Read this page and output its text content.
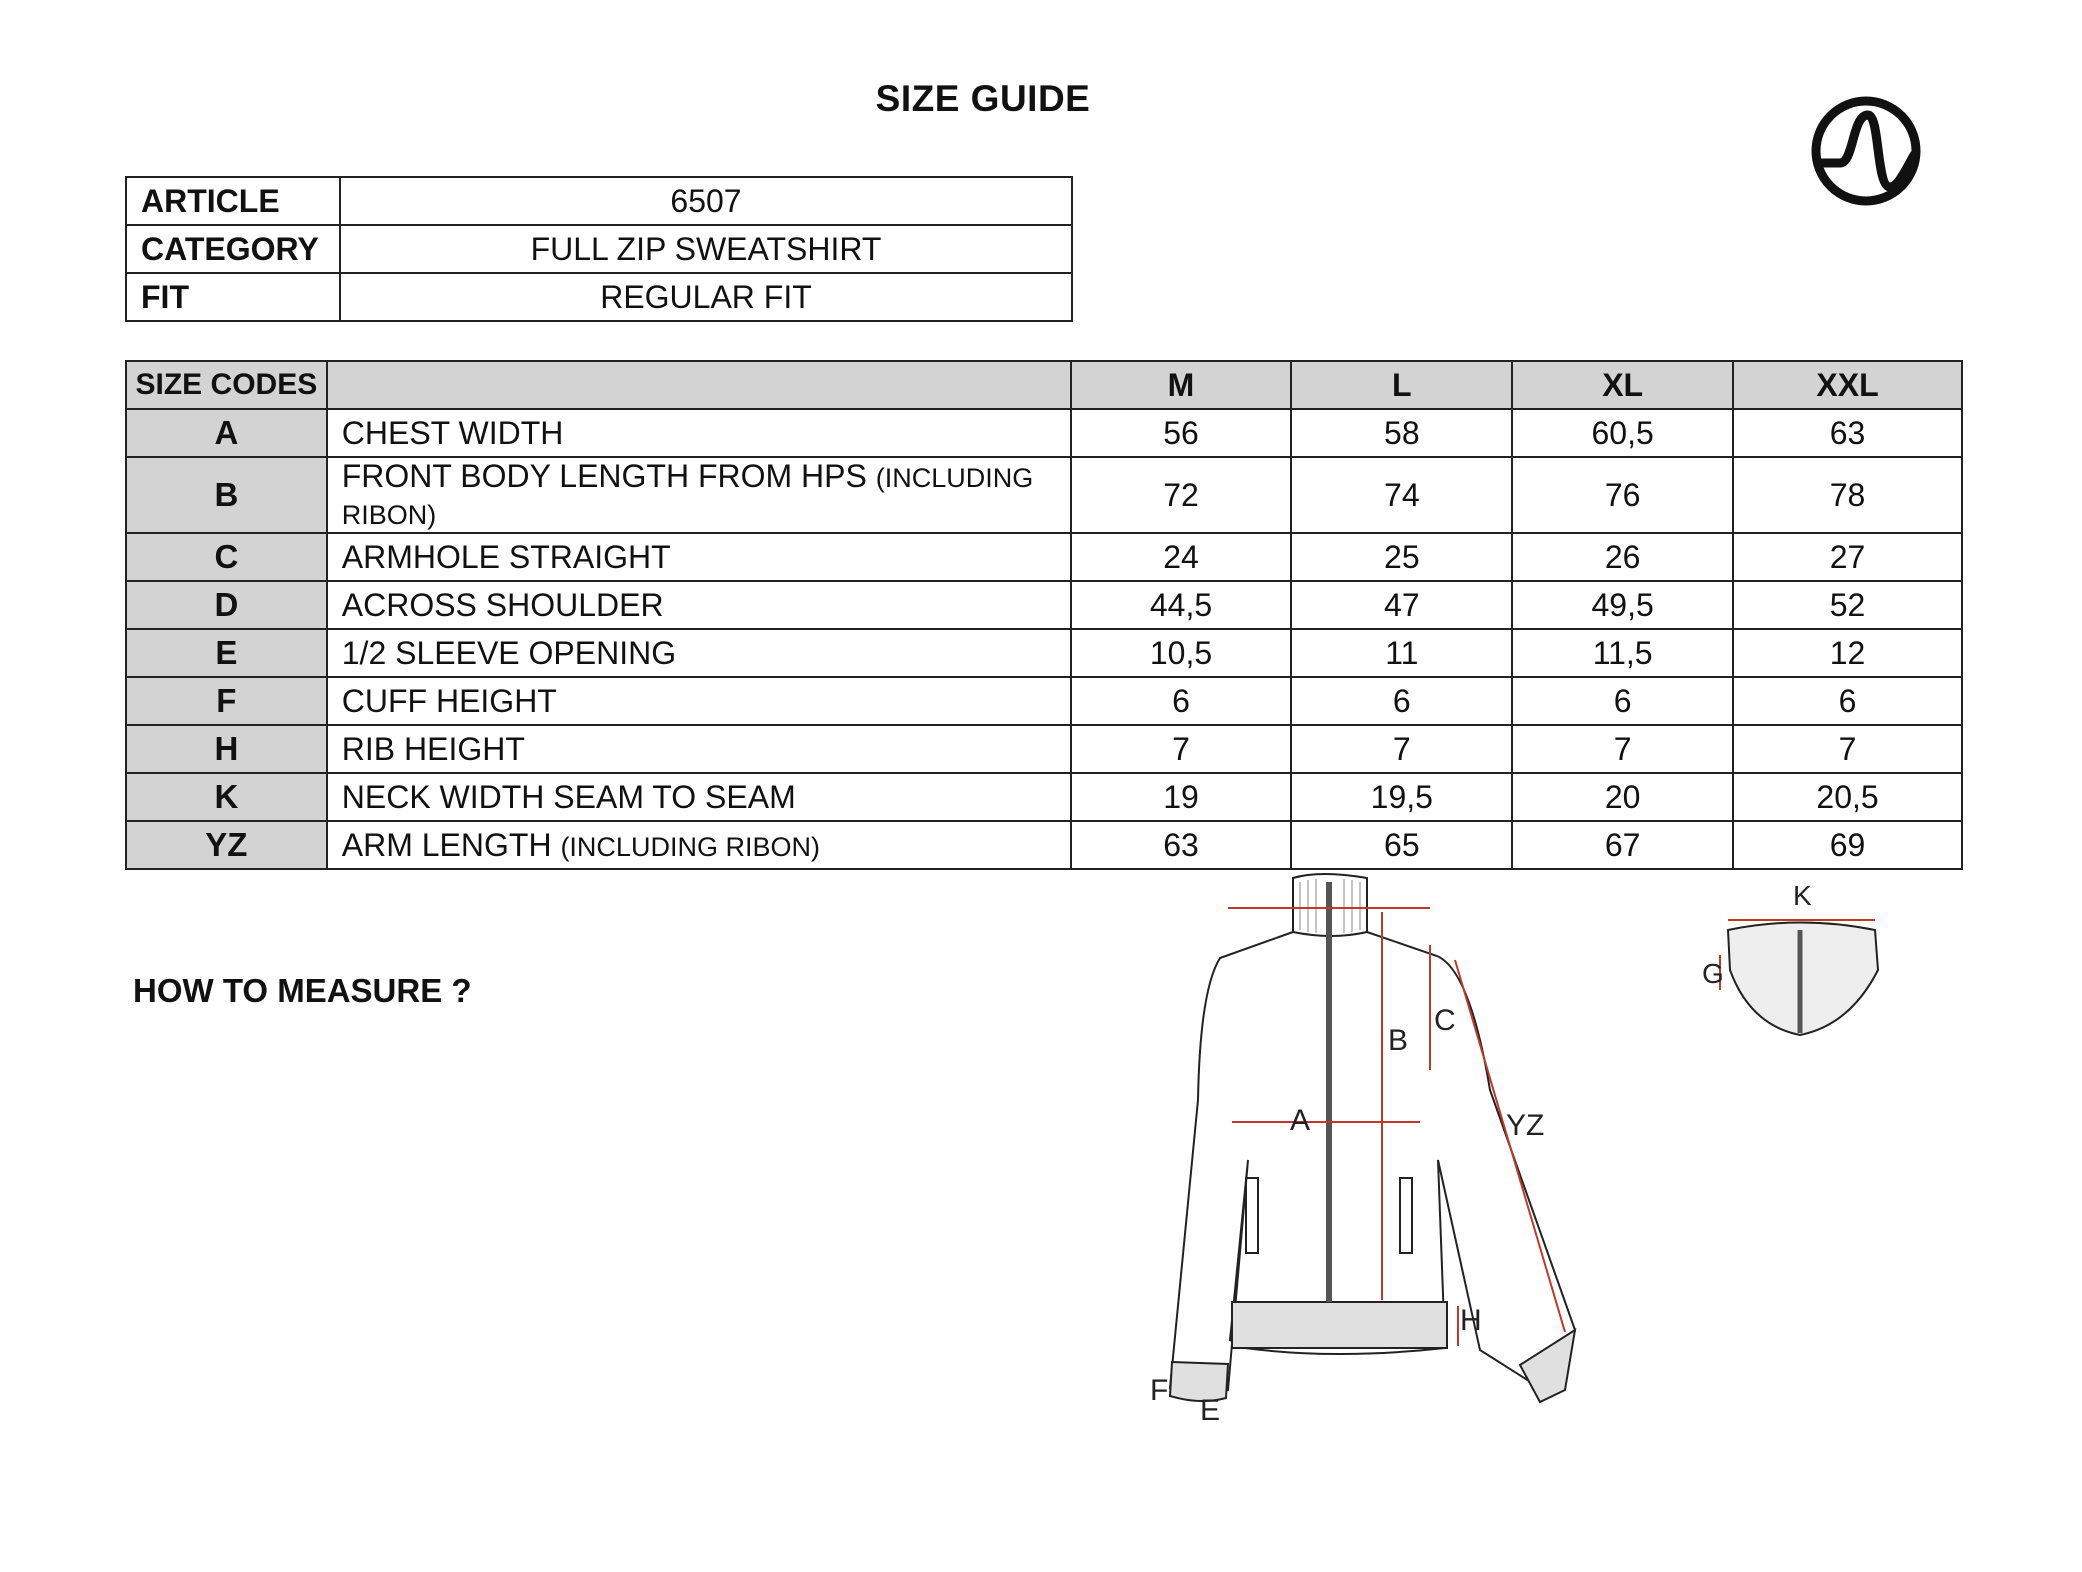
SIZE GUIDE
ARTICLE	6507
CATEGORY	FULL ZIP SWEATSHIRT
FIT	REGULAR FIT
SIZE CODES		M	L	XL	XXL
A	CHEST WIDTH	56	58	60,5	63
B	FRONT BODY LENGTH FROM HPS (INCLUDING RIBON)	72	74	76	78
C	ARMHOLE STRAIGHT	24	25	26	27
D	ACROSS SHOULDER	44,5	47	49,5	52
E	1/2 SLEEVE OPENING	10,5	11	11,5	12
F	CUFF HEIGHT	6	6	6	6
H	RIB HEIGHT	7	7	7	7
K	NECK WIDTH SEAM TO SEAM	19	19,5	20	20,5
YZ	ARM LENGTH (INCLUDING RIBON)	63	65	67	69
HOW TO MEASURE ?
A
B
C
YZ
H
F
E
K
G
